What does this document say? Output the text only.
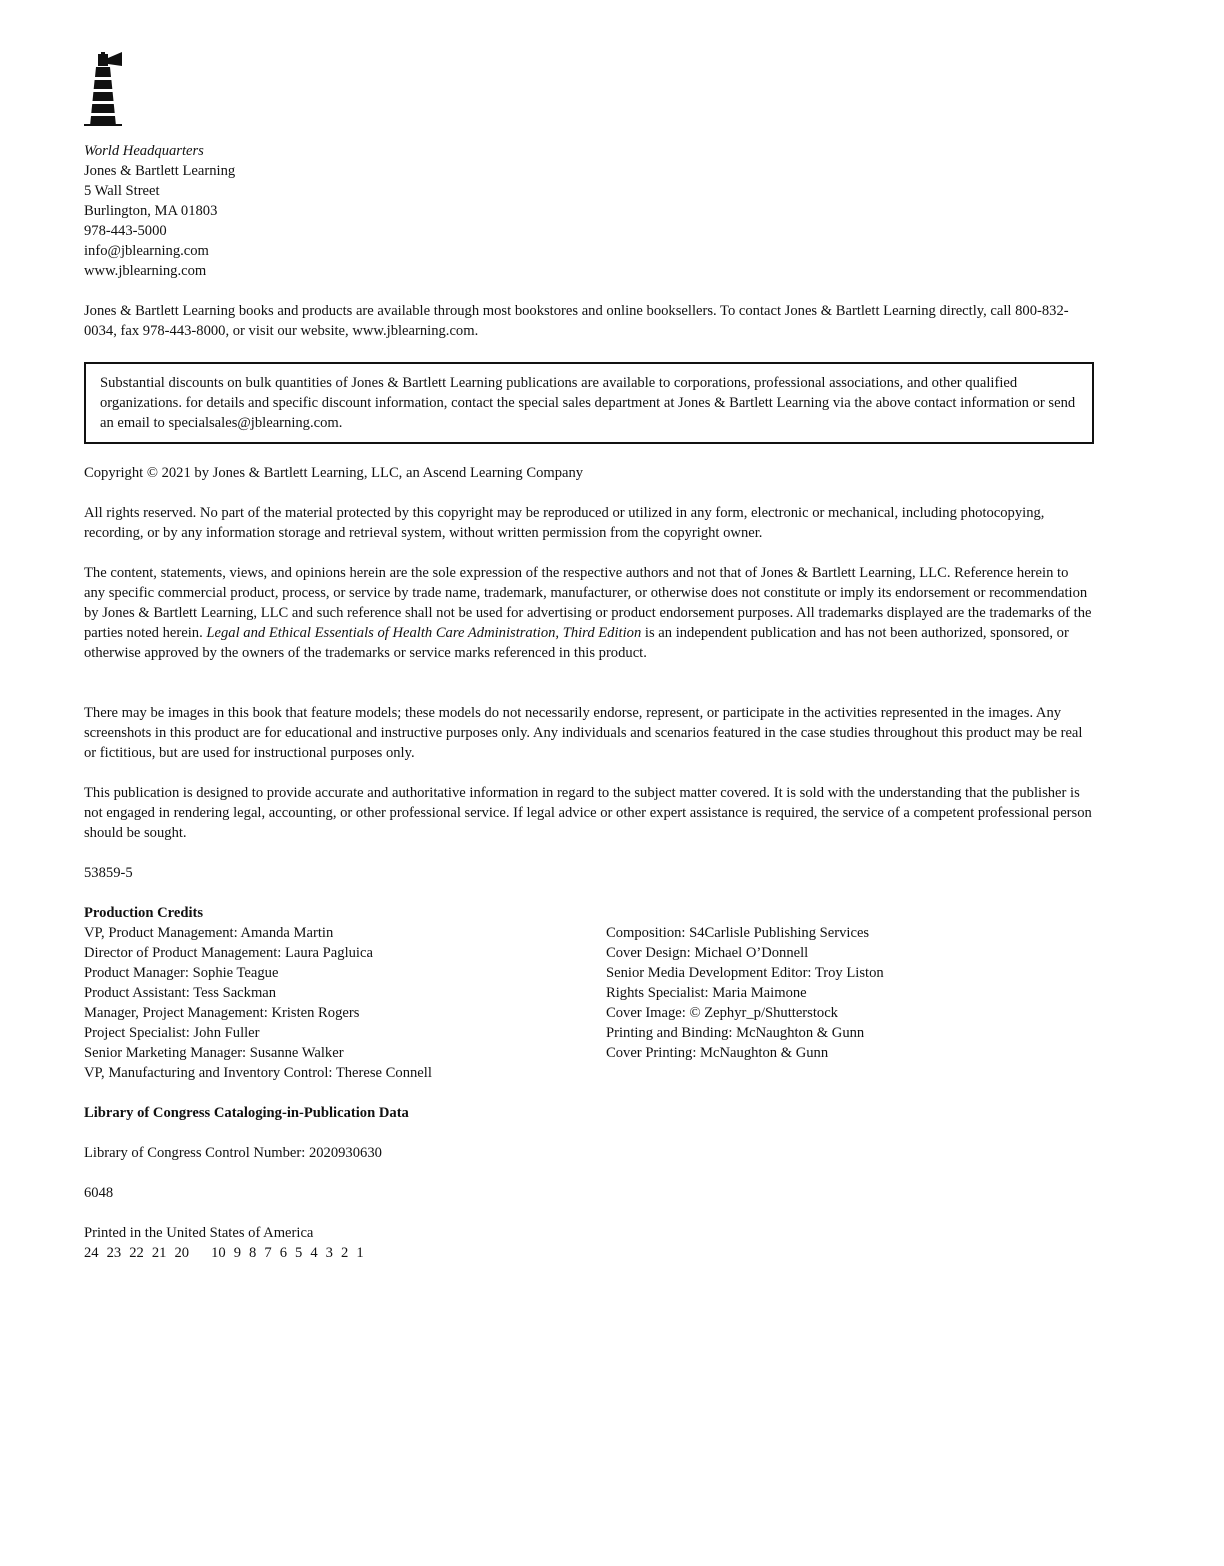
World Headquarters
Jones & Bartlett Learning
5 Wall Street
Burlington, MA 01803
978-443-5000
info@jblearning.com
www.jblearning.com

Jones & Bartlett Learning books and products are available through most bookstores and online booksellers. To contact Jones & Bartlett Learning directly, call 800-832-0034, fax 978-443-8000, or visit our website, www.jblearning.com.

Substantial discounts on bulk quantities of Jones & Bartlett Learning publications are available to corporations, professional associations, and other qualified organizations. for details and specific discount information, contact the special sales department at Jones & Bartlett Learning via the above contact information or send an email to specialsales@jblearning.com.

Copyright © 2021 by Jones & Bartlett Learning, LLC, an Ascend Learning Company

All rights reserved. No part of the material protected by this copyright may be reproduced or utilized in any form, electronic or mechanical, including photocopying, recording, or by any information storage and retrieval system, without written permission from the copyright owner.

The content, statements, views, and opinions herein are the sole expression of the respective authors and not that of Jones & Bartlett Learning, LLC. Reference herein to any specific commercial product, process, or service by trade name, trademark, manufacturer, or otherwise does not constitute or imply its endorsement or recommendation by Jones & Bartlett Learning, LLC and such reference shall not be used for advertising or product endorsement purposes. All trademarks displayed are the trademarks of the parties noted herein. Legal and Ethical Essentials of Health Care Administration, Third Edition is an independent publication and has not been authorized, sponsored, or otherwise approved by the owners of the trademarks or service marks referenced in this product.

There may be images in this book that feature models; these models do not necessarily endorse, represent, or participate in the activities represented in the images. Any screenshots in this product are for educational and instructive purposes only. Any individuals and scenarios featured in the case studies throughout this product may be real or fictitious, but are used for instructional purposes only.

This publication is designed to provide accurate and authoritative information in regard to the subject matter covered. It is sold with the understanding that the publisher is not engaged in rendering legal, accounting, or other professional service. If legal advice or other expert assistance is required, the service of a competent professional person should be sought.

53859-5
Production Credits
VP, Product Management: Amanda Martin
Director of Product Management: Laura Pagluica
Product Manager: Sophie Teague
Product Assistant: Tess Sackman
Manager, Project Management: Kristen Rogers
Project Specialist: John Fuller
Senior Marketing Manager: Susanne Walker
VP, Manufacturing and Inventory Control: Therese Connell
Composition: S4Carlisle Publishing Services
Cover Design: Michael O’Donnell
Senior Media Development Editor: Troy Liston
Rights Specialist: Maria Maimone
Cover Image: © Zephyr_p/Shutterstock
Printing and Binding: McNaughton & Gunn
Cover Printing: McNaughton & Gunn
Library of Congress Cataloging-in-Publication Data
Library of Congress Control Number: 2020930630
6048
Printed in the United States of America
24 23 22 21 20 10 9 8 7 6 5 4 3 2 1
